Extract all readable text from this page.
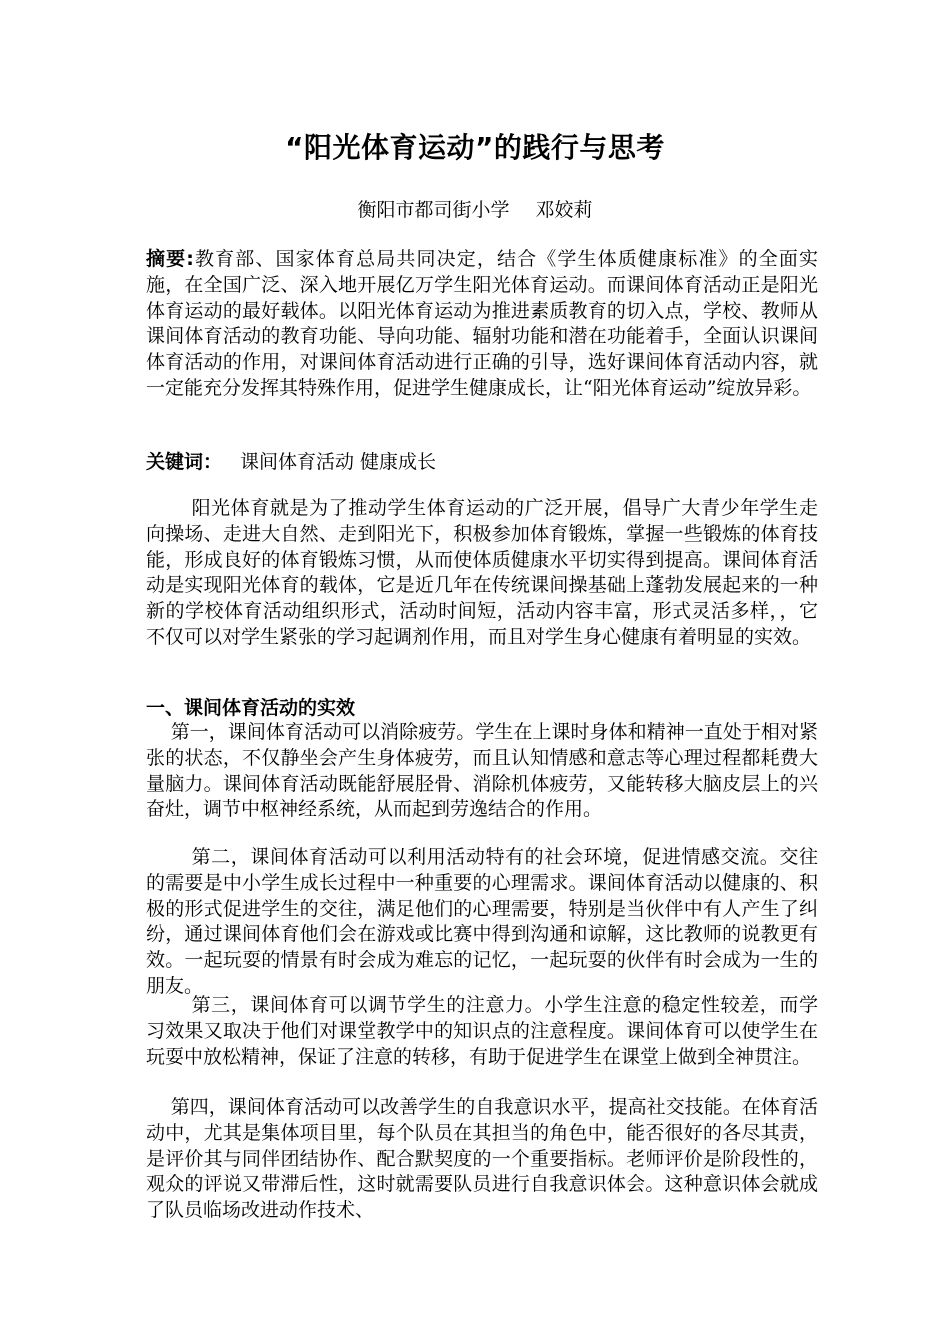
“阳光体育运动”的践行与思考
衡阳市都司街小学 邓姣莉
摘要:教育部、国家体育总局共同决定，结合《学生体质健康标准》的全面实施，在全国广泛、深入地开展亿万学生阳光体育运动。而课间体育活动正是阳光体育运动的最好载体。以阳光体育运动为推进素质教育的切入点，学校、教师从课间体育活动的教育功能、导向功能、辐射功能和潜在功能着手，全面认识课间体育活动的作用，对课间体育活动进行正确的引导，选好课间体育活动内容，就一定能充分发挥其特殊作用，促进学生健康成长，让“阳光体育运动”绽放异彩。
关键词： 课间体育活动 健康成长
阳光体育就是为了推动学生体育运动的广泛开展，倡导广大青少年学生走向操场、走进大自然、走到阳光下，积极参加体育锻炼，掌握一些锻炼的体育技能，形成良好的体育锻炼习惯，从而使体质健康水平切实得到提高。课间体育活动是实现阳光体育的载体，它是近几年在传统课间操基础上蓬勃发展起来的一种新的学校体育活动组织形式，活动时间短，活动内容丰富，形式灵活多样，，它不仅可以对学生紧张的学习起调剂作用，而且对学生身心健康有着明显的实效。
一、课间体育活动的实效
第一，课间体育活动可以消除疲劳。学生在上课时身体和精神一直处于相对紧张的状态，不仅静坐会产生身体疲劳，而且认知情感和意志等心理过程都耗费大量脑力。课间体育活动既能舒展胫骨、消除机体疲劳，又能转移大脑皮层上的兴奋灶，调节中枢神经系统，从而起到劳逸结合的作用。
第二，课间体育活动可以利用活动特有的社会环境，促进情感交流。交往的需要是中小学生成长过程中一种重要的心理需求。课间体育活动以健康的、积极的形式促进学生的交往，满足他们的心理需要，特别是当伙伴中有人产生了纠纷，通过课间体育他们会在游戏或比赛中得到沟通和谅解，这比教师的说教更有效。一起玩耍的情景有时会成为难忘的记忆，一起玩耍的伙伴有时会成为一生的朋友。
第三，课间体育可以调节学生的注意力。小学生注意的稳定性较差，而学习效果又取决于他们对课堂教学中的知识点的注意程度。课间体育可以使学生在玩耍中放松精神，保证了注意的转移，有助于促进学生在课堂上做到全神贯注。
第四，课间体育活动可以改善学生的自我意识水平，提高社交技能。在体育活动中，尤其是集体项目里，每个队员在其担当的角色中，能否很好的各尽其责，是评价其与同伴团结协作、配合默契度的一个重要指标。老师评价是阶段性的，观众的评说又带滞后性，这时就需要队员进行自我意识体会。这种意识体会就成了队员临场改进动作技术、
